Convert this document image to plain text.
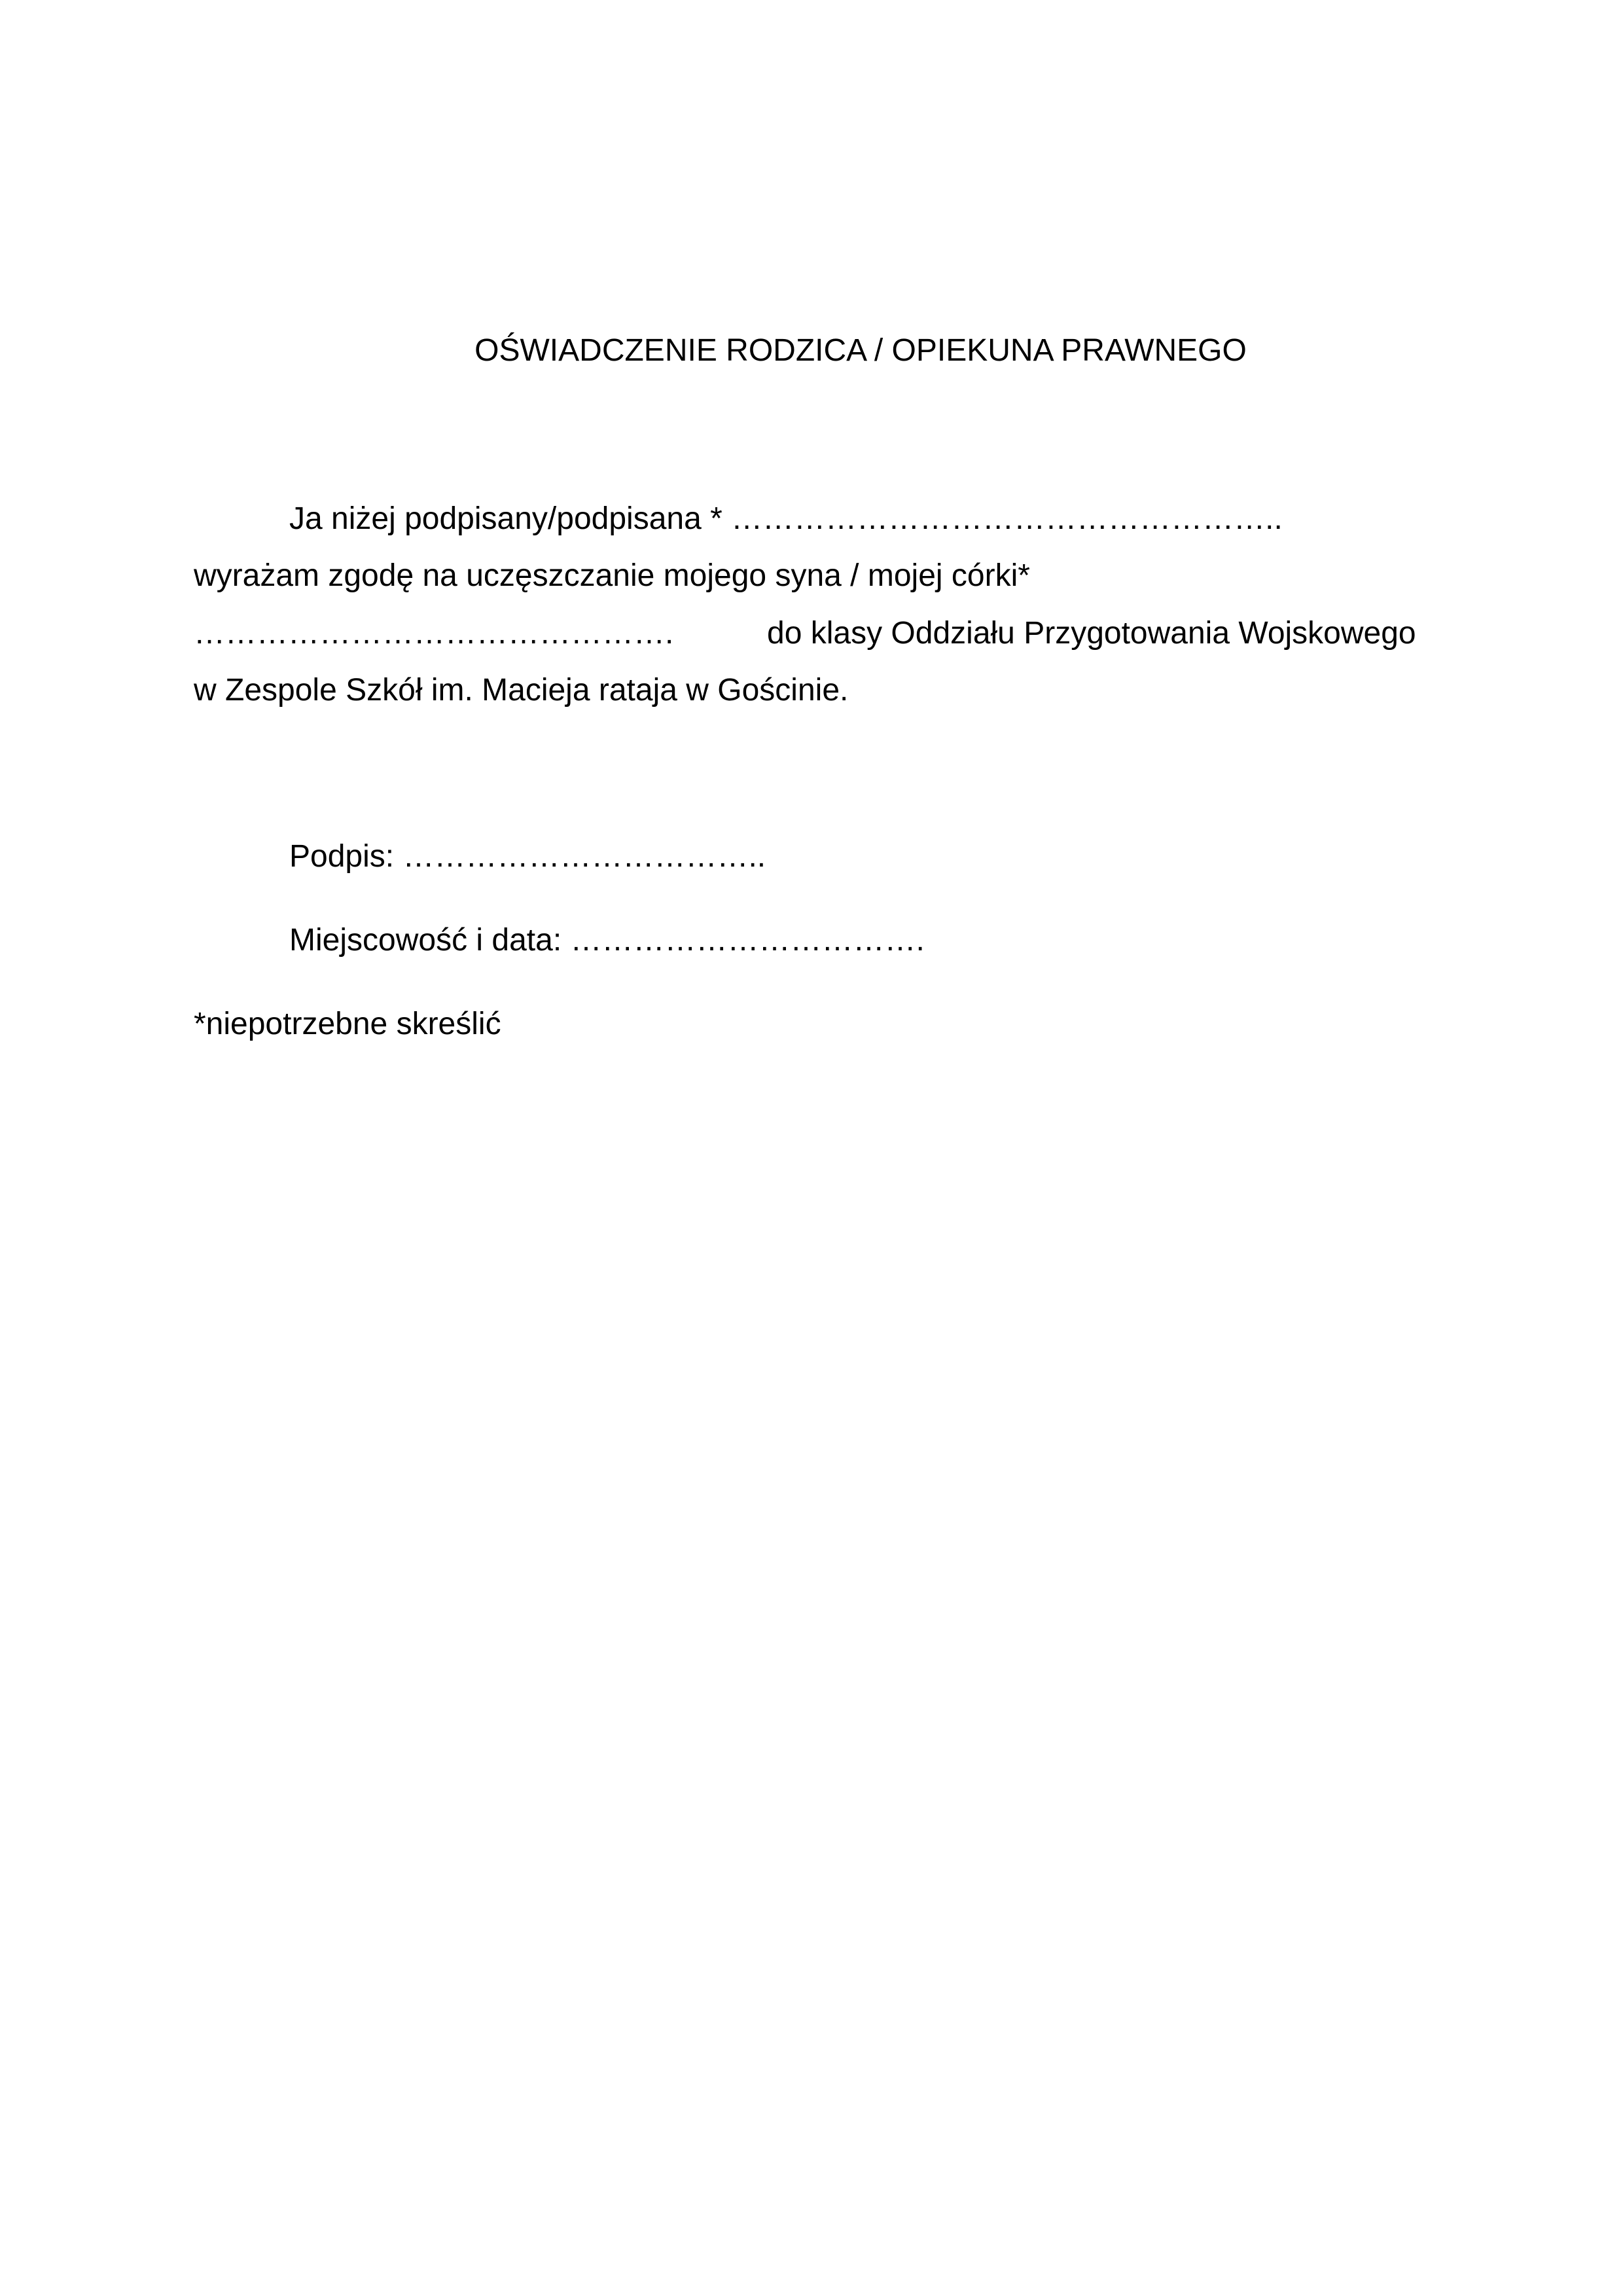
OŚWIADCZENIE RODZICA / OPIEKUNA PRAWNEGO
Ja niżej podpisany/podpisana * ……………………………………………..
wyrażam zgodę na uczęszczanie mojego syna / mojej córki*
……………………………………….	do klasy Oddziału Przygotowania Wojskowego
w Zespole Szkół im. Macieja rataja w Gościnie.
Podpis: ……………………………..
Miejscowość i data: …………………………….
*niepotrzebne skreślić
